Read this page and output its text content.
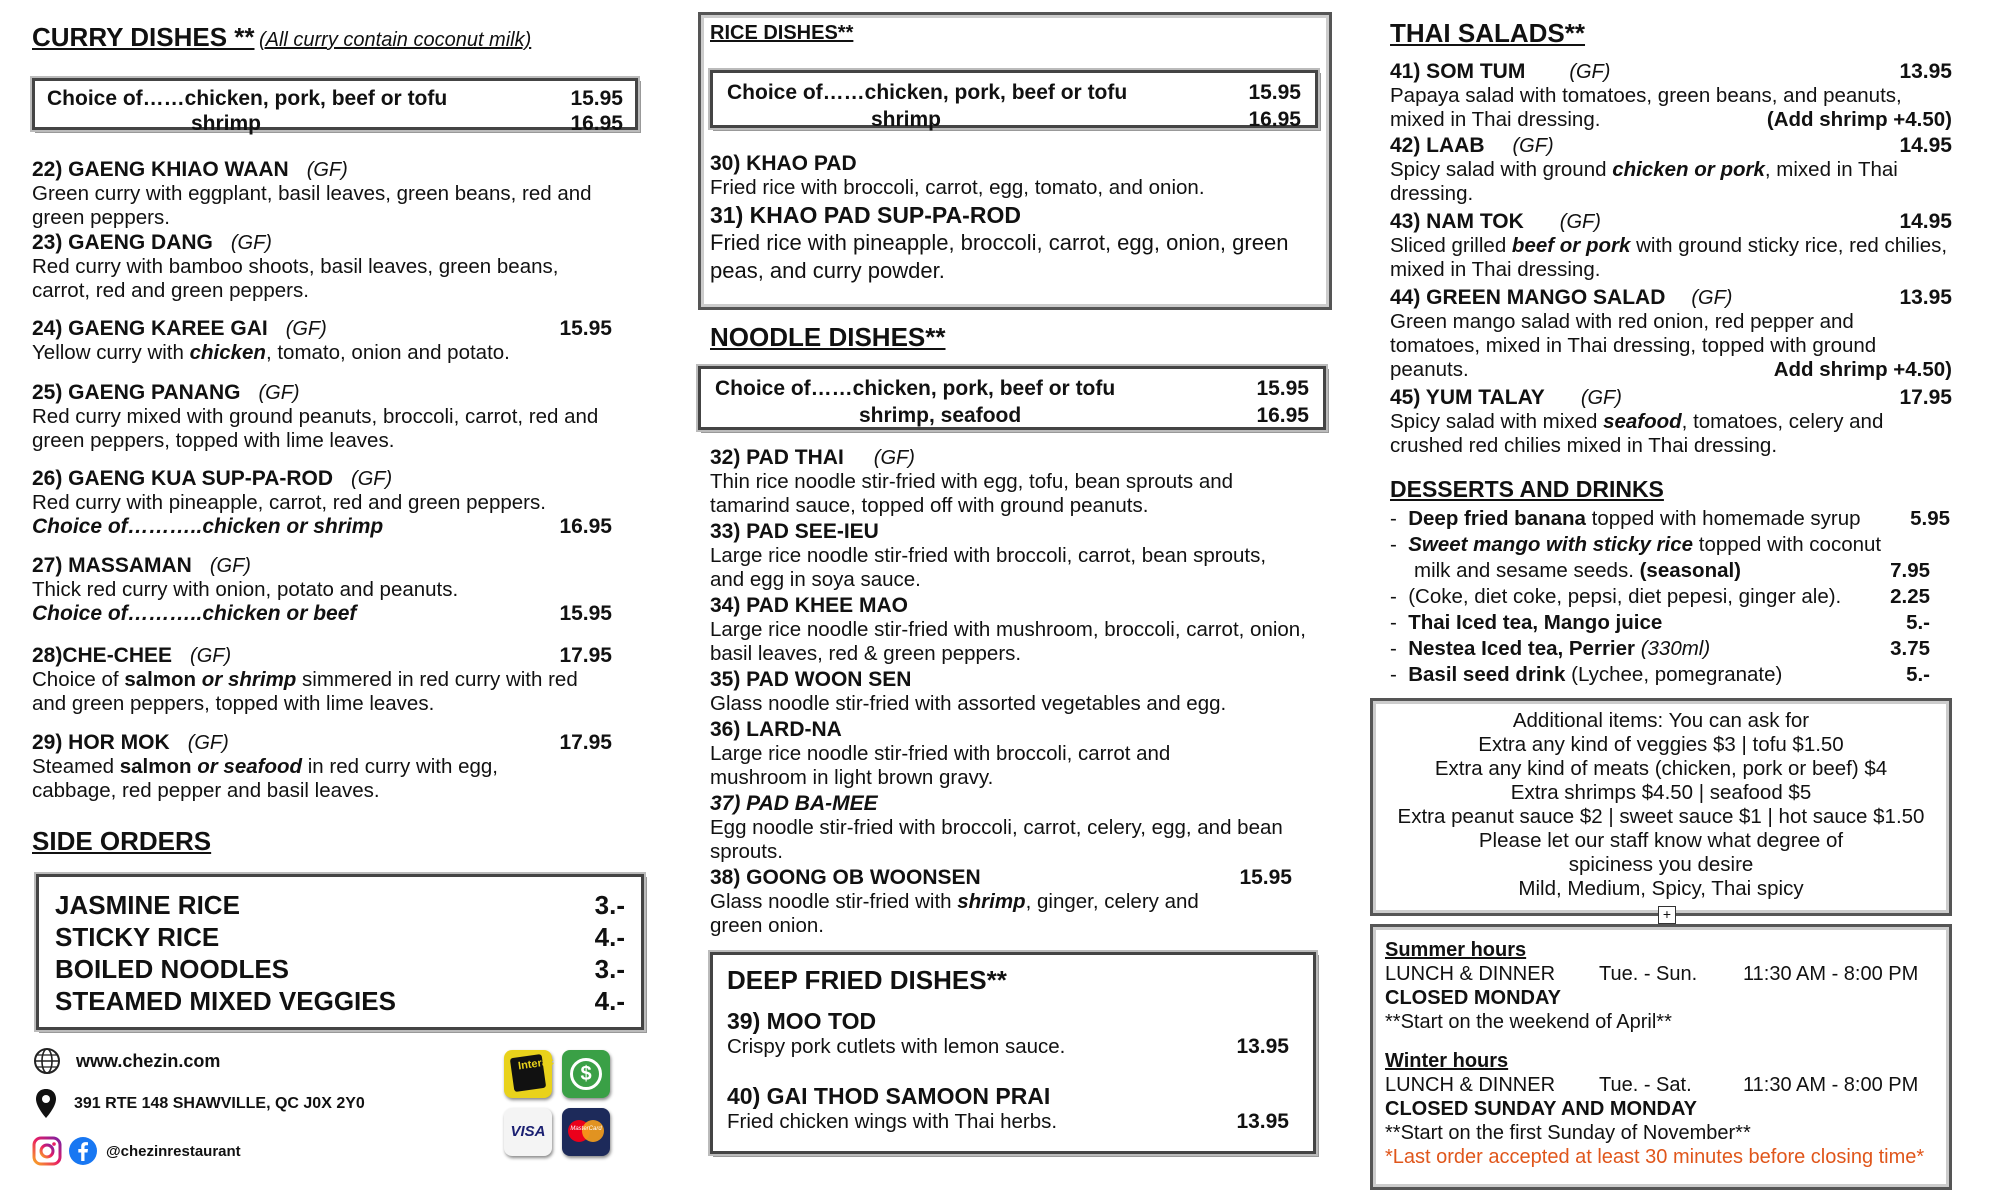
CURRY DISHES ** (All curry contain coconut milk)
Choice of……chicken, pork, beef or tofu	15.95
shrimp	16.95
22) GAENG KHIAO WAAN (GF)
Green curry with eggplant, basil leaves, green beans, red and green peppers.
23) GAENG DANG (GF)
Red curry with bamboo shoots, basil leaves, green beans, carrot, red and green peppers.
24) GAENG KAREE GAI (GF)	15.95
Yellow curry with chicken, tomato, onion and potato.
25) GAENG PANANG (GF)
Red curry mixed with ground peanuts, broccoli, carrot, red and green peppers, topped with lime leaves.
26) GAENG KUA SUP-PA-ROD (GF)
Red curry with pineapple, carrot, red and green peppers.
Choice of………..chicken or shrimp	16.95
27) MASSAMAN (GF)
Thick red curry with onion, potato and peanuts.
Choice of………..chicken or beef	15.95
28)CHE-CHEE (GF)	17.95
Choice of salmon or shrimp simmered in red curry with red and green peppers, topped with lime leaves.
29) HOR MOK (GF)	17.95
Steamed salmon or seafood in red curry with egg, cabbage, red pepper and basil leaves.
SIDE ORDERS
JASMINE RICE	3.-
STICKY RICE	4.-
BOILED NOODLES	3.-
STEAMED MIXED VEGGIES	4.-
www.chezin.com
391 RTE 148 SHAWVILLE, QC J0X 2Y0
@chezinrestaurant
Interac	$
VISA	MasterCard
RICE DISHES**
Choice of……chicken, pork, beef or tofu	15.95
shrimp	16.95
30) KHAO PAD
Fried rice with broccoli, carrot, egg, tomato, and onion.
31) KHAO PAD SUP-PA-ROD
Fried rice with pineapple, broccoli, carrot, egg, onion, green peas, and curry powder.
NOODLE DISHES**
Choice of……chicken, pork, beef or tofu	15.95
shrimp, seafood	16.95
32) PAD THAI (GF)
Thin rice noodle stir-fried with egg, tofu, bean sprouts and tamarind sauce, topped off with ground peanuts.
33) PAD SEE-IEU
Large rice noodle stir-fried with broccoli, carrot, bean sprouts, and egg in soya sauce.
34) PAD KHEE MAO
Large rice noodle stir-fried with mushroom, broccoli, carrot, onion, basil leaves, red & green peppers.
35) PAD WOON SEN
Glass noodle stir-fried with assorted vegetables and egg.
36) LARD-NA
Large rice noodle stir-fried with broccoli, carrot and mushroom in light brown gravy.
37) PAD BA-MEE
Egg noodle stir-fried with broccoli, carrot, celery, egg, and bean sprouts.
38) GOONG OB WOONSEN	15.95
Glass noodle stir-fried with shrimp, ginger, celery and green onion.
DEEP FRIED DISHES**
39) MOO TOD
Crispy pork cutlets with lemon sauce.	13.95
40) GAI THOD SAMOON PRAI
Fried chicken wings with Thai herbs.	13.95
THAI SALADS**
41) SOM TUM (GF)	13.95
Papaya salad with tomatoes, green beans, and peanuts,
mixed in Thai dressing.	(Add shrimp +4.50)
42) LAAB (GF)	14.95
Spicy salad with ground chicken or pork, mixed in Thai dressing.
43) NAM TOK (GF)	14.95
Sliced grilled beef or pork with ground sticky rice, red chilies, mixed in Thai dressing.
44) GREEN MANGO SALAD (GF)	13.95
Green mango salad with red onion, red pepper and tomatoes, mixed in Thai dressing, topped with ground
peanuts.	Add shrimp +4.50)
45) YUM TALAY (GF)	17.95
Spicy salad with mixed seafood, tomatoes, celery and crushed red chilies mixed in Thai dressing.
DESSERTS AND DRINKS
-  Deep fried banana topped with homemade syrup 5.95
-  Sweet mango with sticky rice topped with coconut
milk and sesame seeds. (seasonal)	7.95
-  (Coke, diet coke, pepsi, diet pepesi, ginger ale). 2.25
-  Thai Iced tea, Mango juice	5.-
-  Nestea Iced tea, Perrier (330ml)	3.75
-  Basil seed drink (Lychee, pomegranate)	5.-
Additional items: You can ask for
Extra any kind of veggies $3 | tofu $1.50
Extra any kind of meats (chicken, pork or beef) $4
Extra shrimps $4.50 | seafood $5
Extra peanut sauce $2 | sweet sauce $1 | hot sauce $1.50
Please let our staff know what degree of
spiciness you desire
Mild, Medium, Spicy, Thai spicy
+
Summer hours
LUNCH & DINNER	Tue. - Sun.	11:30 AM - 8:00 PM
CLOSED MONDAY
**Start on the weekend of April**
Winter hours
LUNCH & DINNER	Tue. - Sat.	11:30 AM - 8:00 PM
CLOSED SUNDAY AND MONDAY
**Start on the first Sunday of November**
*Last order accepted at least 30 minutes before closing time*
